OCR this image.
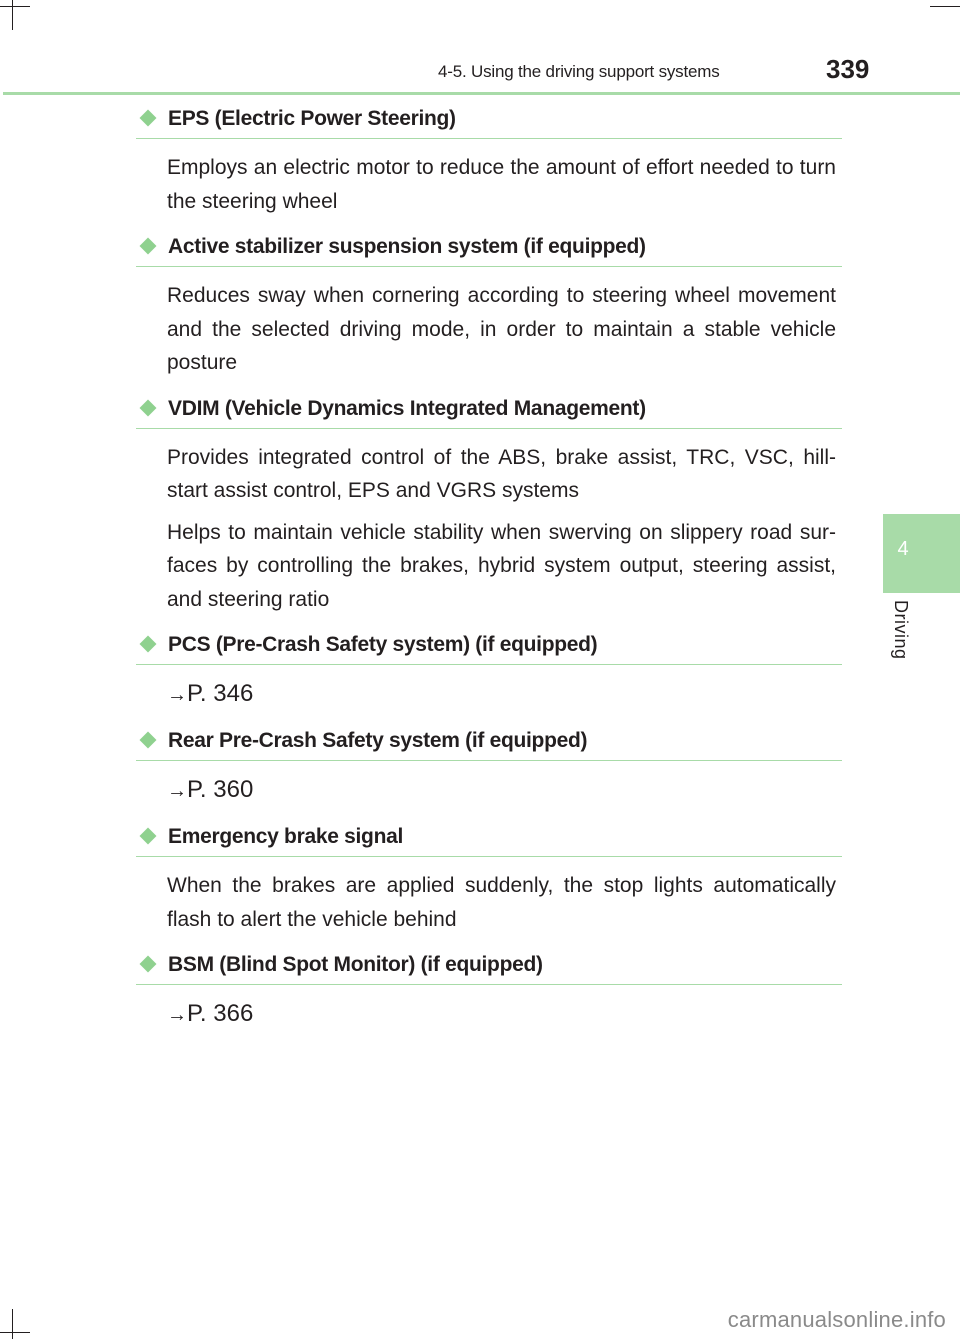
4-5. Using the driving support systems	339
4
Driving
EPS (Electric Power Steering)

Employs an electric motor to reduce the amount of effort needed to turn the steering wheel

Active stabilizer suspension system (if equipped)

Reduces sway when cornering according to steering wheel movement and the selected driving mode, in order to maintain a stable vehicle posture

VDIM (Vehicle Dynamics Integrated Management)

Provides integrated control of the ABS, brake assist, TRC, VSC, hill-start assist control, EPS and VGRS systems

Helps to maintain vehicle stability when swerving on slippery road sur-faces by controlling the brakes, hybrid system output, steering assist, and steering ratio

PCS (Pre-Crash Safety system) (if equipped)

→P. 346

Rear Pre-Crash Safety system (if equipped)

→P. 360

Emergency brake signal

When the brakes are applied suddenly, the stop lights automatically flash to alert the vehicle behind

BSM (Blind Spot Monitor) (if equipped)

→P. 366

carmanualsonline.info
